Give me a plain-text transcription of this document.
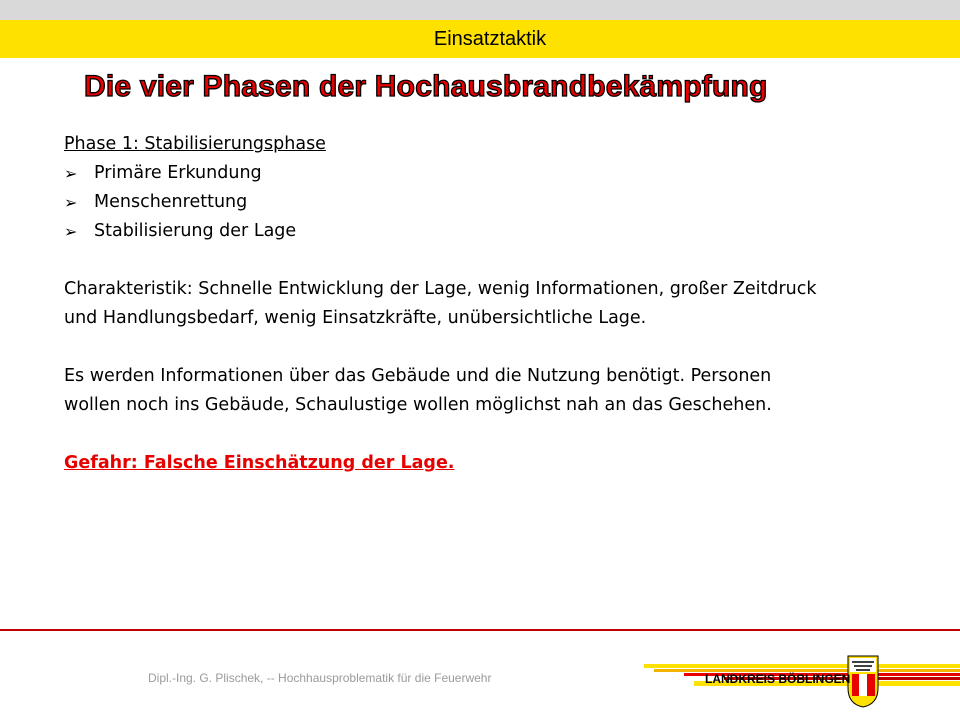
Einsatztaktik
Die vier Phasen der Hochausbrandbekämpfung

Phase 1: Stabilisierungsphase

➢ Primäre Erkundung
➢ Menschenrettung
➢ Stabilisierung der Lage

Charakteristik: Schnelle Entwicklung der Lage, wenig Informationen, großer Zeitdruck

und Handlungsbedarf, wenig Einsatzkräfte, unübersichtliche Lage.

Es werden Informationen über das Gebäude und die Nutzung benötigt. Personen

wollen noch ins Gebäude, Schaulustige wollen möglichst nah an das Geschehen.

Gefahr: Falsche Einschätzung der Lage.

Dipl.-Ing. G. Plischek, -- Hochhausproblematik für die Feuerwehr	LANDKREIS BÖBLINGEN
